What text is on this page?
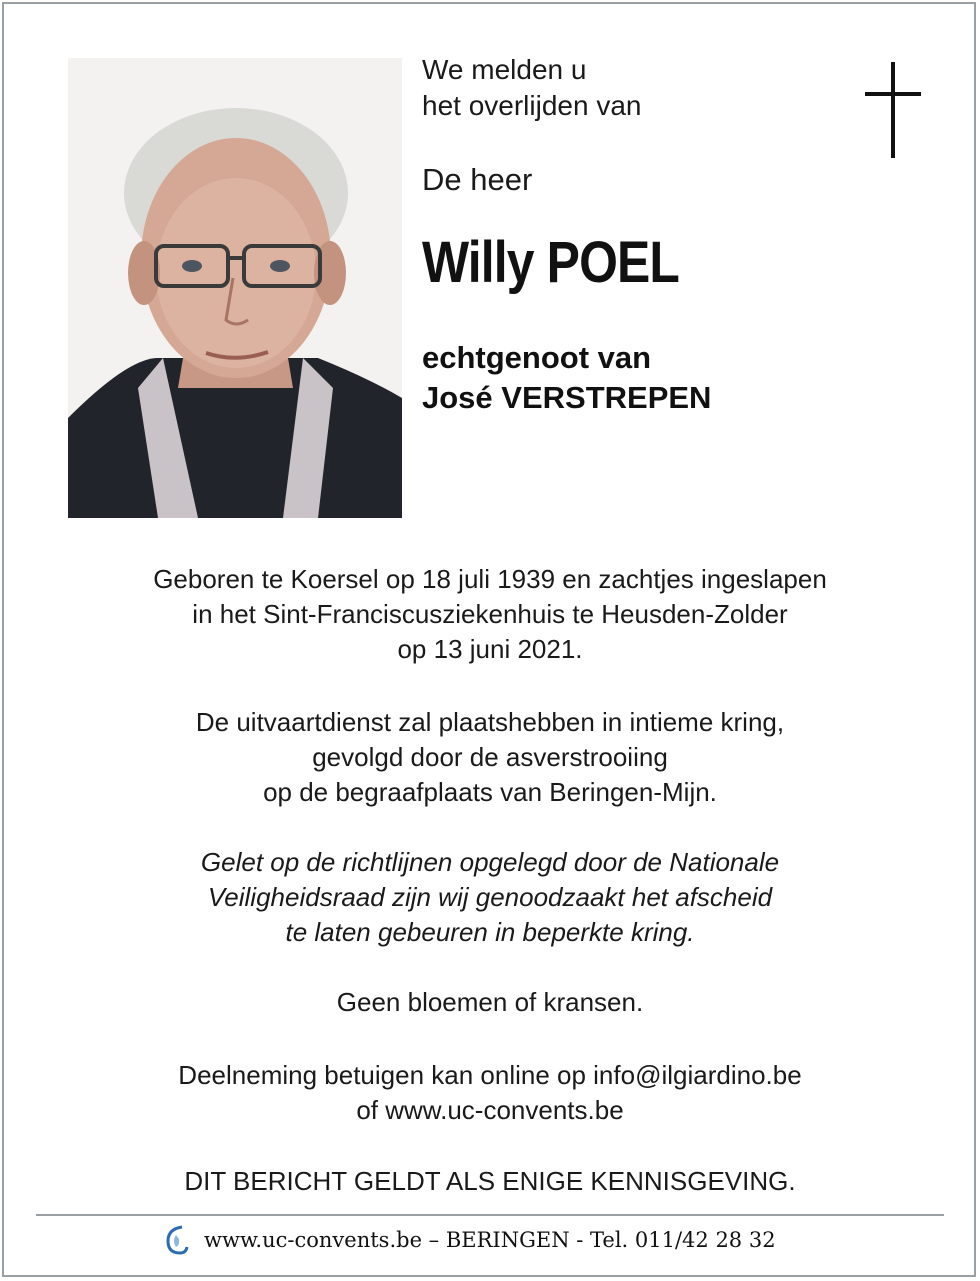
We melden u
het overlijden van
De heer
Willy POEL
echtgenoot van
José VERSTREPEN
Geboren te Koersel op 18 juli 1939 en zachtjes ingeslapen
in het Sint-Franciscusziekenhuis te Heusden-Zolder
op 13 juni 2021.
De uitvaartdienst zal plaatshebben in intieme kring,
gevolgd door de asverstrooiing
op de begraafplaats van Beringen-Mijn.
Gelet op de richtlijnen opgelegd door de Nationale
Veiligheidsraad zijn wij genoodzaakt het afscheid
te laten gebeuren in beperkte kring.
Geen bloemen of kransen.
Deelneming betuigen kan online op info@ilgiardino.be
of www.uc-convents.be
DIT BERICHT GELDT ALS ENIGE KENNISGEVING.
www.uc-convents.be – BERINGEN - Tel. 011/42 28 32
